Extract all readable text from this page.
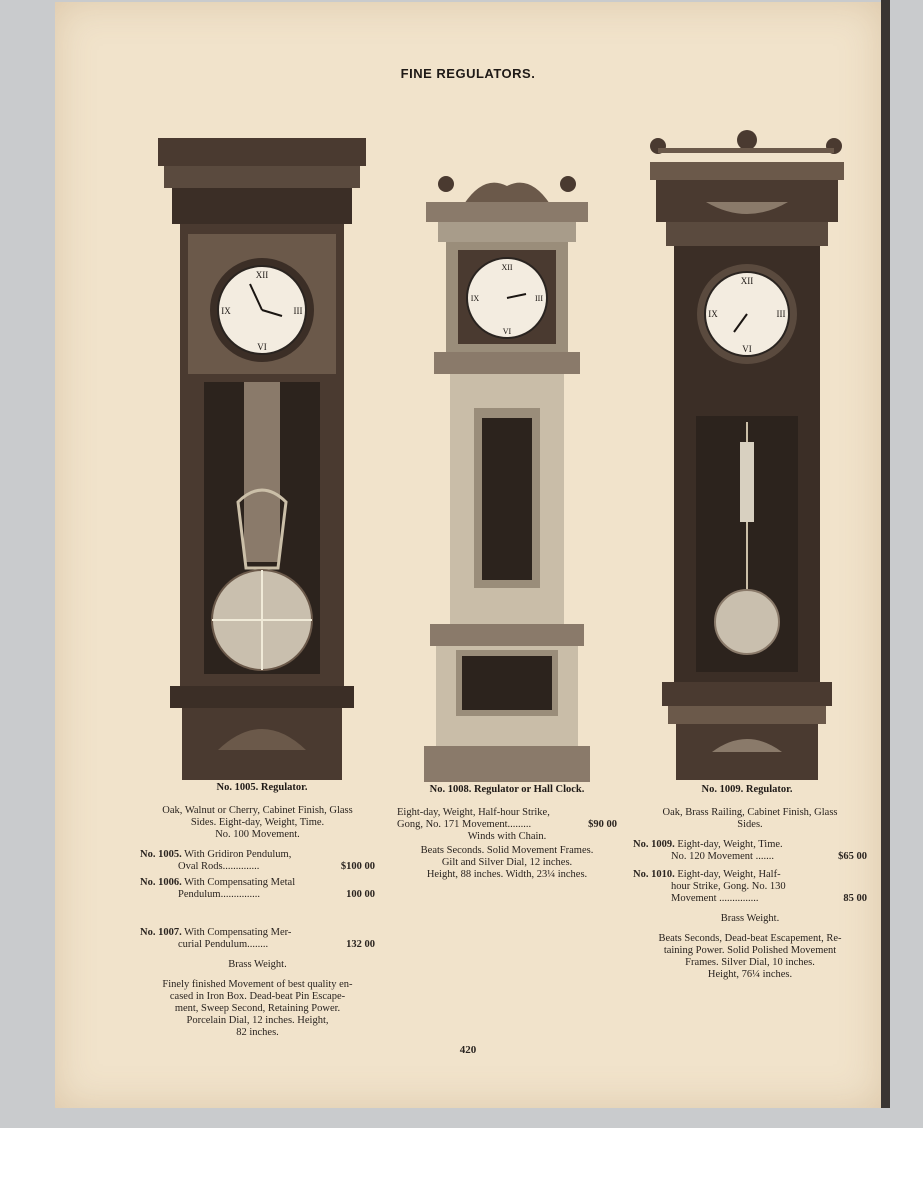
FINE REGULATORS.
XII
VI
IX	III
XII
VI
IX	III
XII
VI
IX	III
No. 1005. Regulator.	No. 1008. Regulator or Hall Clock.	No. 1009. Regulator.

Oak, Walnut or Cherry, Cabinet Finish, Glass

Sides. Eight-day, Weight, Time.

No. 100 Movement.

No. 1005. With Gridiron Pendulum,

Oval Rods..............	$100 00

No. 1006. With Compensating Metal

Pendulum...............	100 00

No. 1007. With Compensating Mer-

curial Pendulum........	132 00

Brass Weight.

Finely finished Movement of best quality en-

cased in Iron Box. Dead-beat Pin Escape-

ment, Sweep Second, Retaining Power.

Porcelain Dial, 12 inches. Height,

82 inches.

Eight-day, Weight, Half-hour Strike,

Gong, No. 171 Movement.........	$90 00

Winds with Chain.

Beats Seconds. Solid Movement Frames.

Gilt and Silver Dial, 12 inches.

Height, 88 inches. Width, 23¼ inches.

Oak, Brass Railing, Cabinet Finish, Glass

Sides.

No. 1009. Eight-day, Weight, Time.

No. 120 Movement .......	$65 00

No. 1010. Eight-day, Weight, Half-

hour Strike, Gong. No. 130

Movement ...............	85 00

Brass Weight.

Beats Seconds, Dead-beat Escapement, Re-

taining Power. Solid Polished Movement

Frames. Silver Dial, 10 inches.

Height, 76¼ inches.

420
